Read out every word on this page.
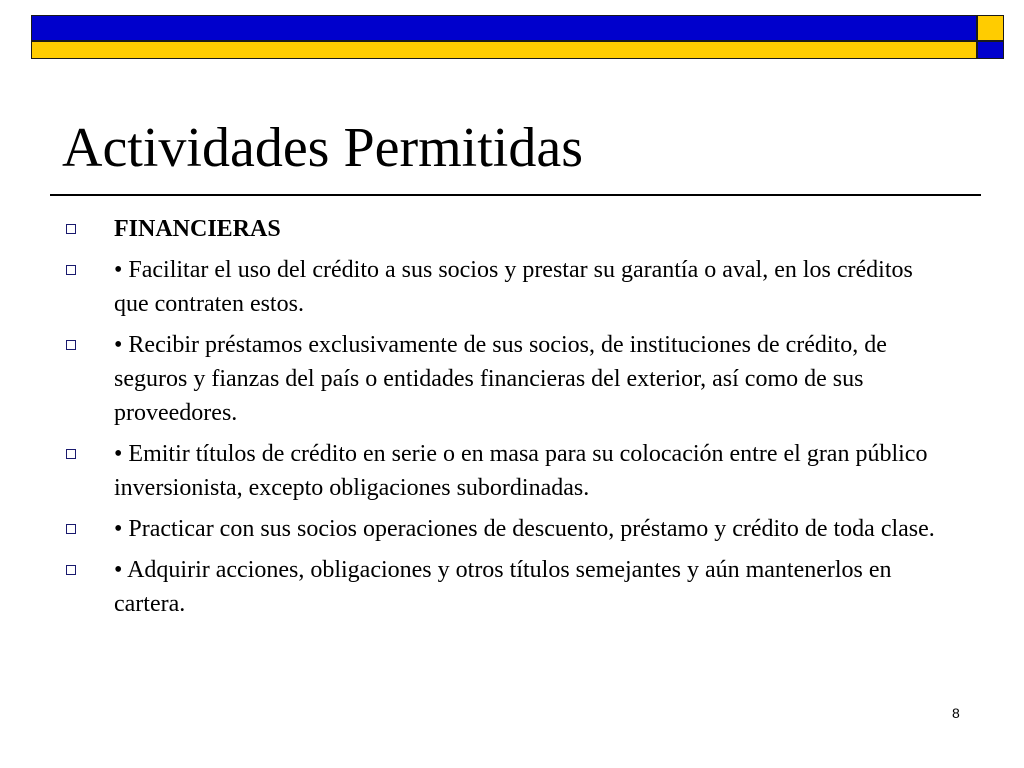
Actividades Permitidas
FINANCIERAS
• Facilitar el uso del crédito a sus socios y prestar su garantía o aval, en los créditos que contraten estos.
• Recibir préstamos exclusivamente de sus socios, de instituciones de crédito, de seguros y fianzas del país o entidades financieras del exterior, así como de sus proveedores.
• Emitir títulos de crédito en serie o en masa para su colocación entre el gran público inversionista, excepto obligaciones subordinadas.
• Practicar con sus socios operaciones de descuento, préstamo y crédito de toda clase.
• Adquirir acciones, obligaciones y otros títulos semejantes y aún mantenerlos en cartera.
8
